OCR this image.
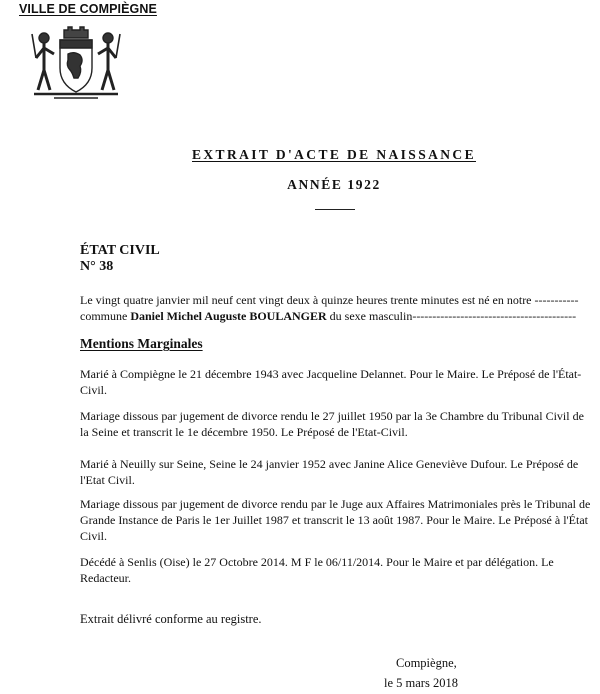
VILLE DE COMPIÈGNE
EXTRAIT D'ACTE DE NAISSANCE
ANNÉE 1922
ÉTAT CIVIL
N° 38
Le vingt quatre janvier mil neuf cent vingt deux à quinze heures trente minutes est né en notre -----------
commune Daniel Michel Auguste BOULANGER du sexe masculin-----------------------------------------
Mentions Marginales
Marié à Compiègne le 21 décembre 1943 avec Jacqueline Delannet. Pour le Maire. Le Préposé de l'État-Civil.
Mariage dissous par jugement de divorce rendu le 27 juillet 1950 par la 3e Chambre du Tribunal Civil de la Seine et transcrit le 1e décembre 1950. Le Préposé de l'Etat-Civil.
Marié à Neuilly sur Seine, Seine le 24 janvier 1952 avec Janine Alice Geneviève Dufour. Le Préposé de l'Etat Civil.
Mariage dissous par jugement de divorce rendu par le Juge aux Affaires Matrimoniales près le Tribunal de Grande Instance de Paris le 1er Juillet 1987 et transcrit le 13 août 1987. Pour le Maire. Le Préposé à l'État Civil.
Décédé à Senlis (Oise) le 27 Octobre 2014. M F le 06/11/2014. Pour le Maire et par délégation. Le Redacteur.
Extrait délivré conforme au registre.
Compiègne,
le 5 mars 2018
